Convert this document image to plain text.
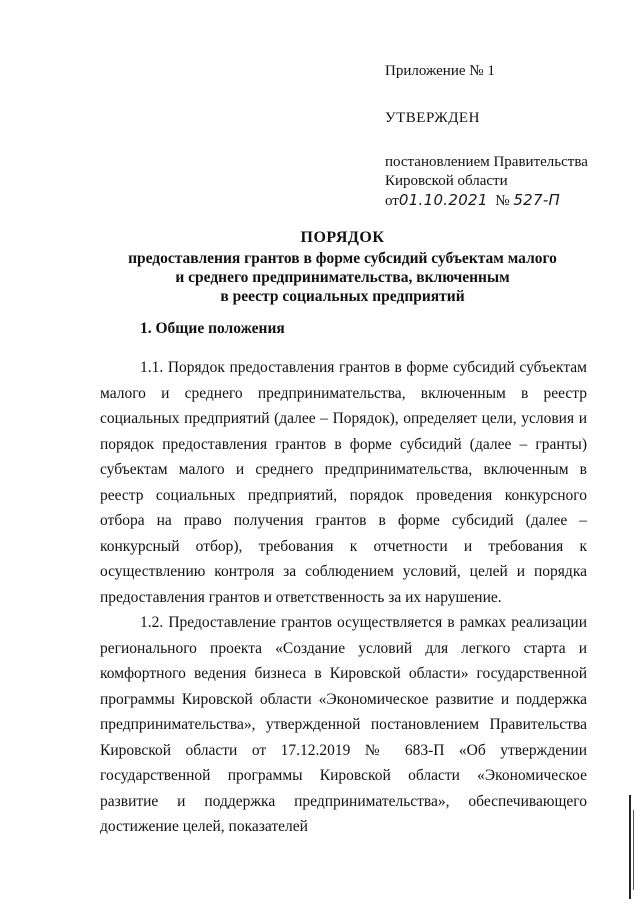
Приложение № 1

УТВЕРЖДЕН

постановлением Правительства

Кировской области

от01.10.2021 № 527-П

ПОРЯДОК

предоставления грантов в форме субсидий субъектам малого

и среднего предпринимательства, включенным

в реестр социальных предприятий

1. Общие положения

1.1. Порядок предоставления грантов в форме субсидий субъектам малого и среднего предпринимательства, включенным в реестр социальных предприятий (далее – Порядок), определяет цели, условия и порядок предоставления грантов в форме субсидий (далее – гранты) субъектам малого и среднего предпринимательства, включенным в реестр социальных предприятий, порядок проведения конкурсного отбора на право получения грантов в форме субсидий (далее – конкурсный отбор), требования к отчетности и требования к осуществлению контроля за соблюдением условий, целей и порядка предоставления грантов и ответственность за их нарушение.

1.2. Предоставление грантов осуществляется в рамках реализации регионального проекта «Создание условий для легкого старта и комфортного ведения бизнеса в Кировской области» государственной программы Кировской области «Экономическое развитие и поддержка предпринимательства», утвержденной постановлением Правительства Кировской области от 17.12.2019 № 683-П «Об утверждении государственной программы Кировской области «Экономическое развитие и поддержка предпринимательства», обеспечивающего достижение целей, показателей
